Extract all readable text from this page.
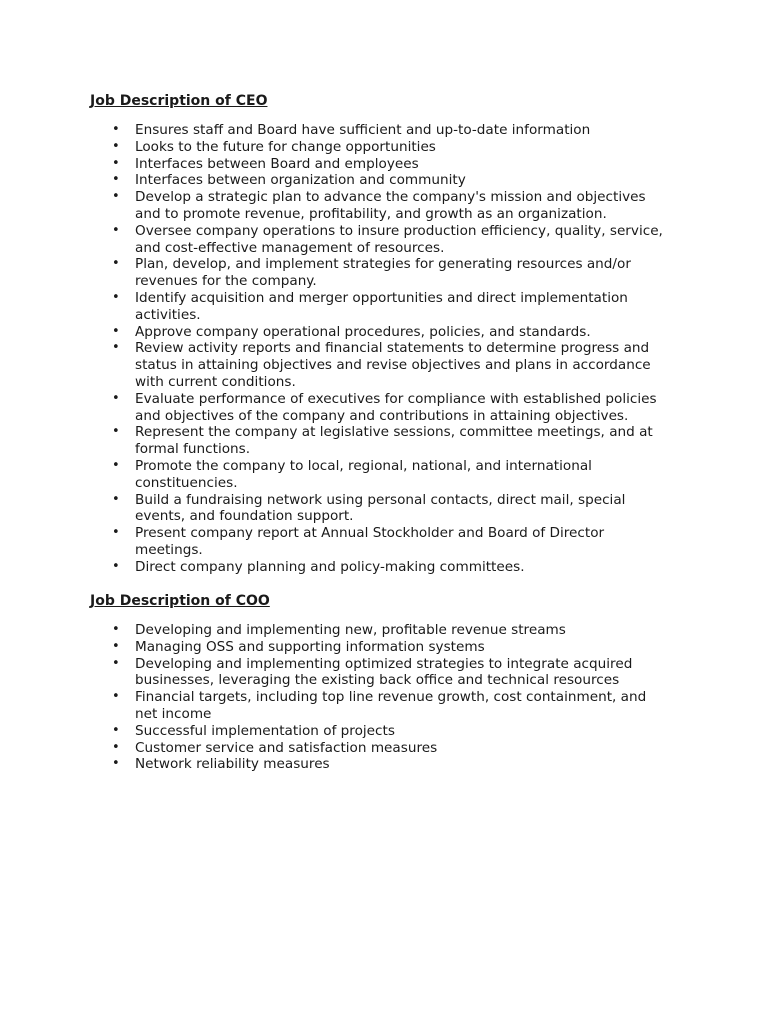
Job Description of CEO
• Ensures staff and Board have sufficient and up-to-date information
• Looks to the future for change opportunities
• Interfaces between Board and employees
• Interfaces between organization and community
• Develop a strategic plan to advance the company's mission and objectives
and to promote revenue, profitability, and growth as an organization.
• Oversee company operations to insure production efficiency, quality, service,
and cost-effective management of resources.
• Plan, develop, and implement strategies for generating resources and/or
revenues for the company.
• Identify acquisition and merger opportunities and direct implementation
activities.
• Approve company operational procedures, policies, and standards.
• Review activity reports and financial statements to determine progress and
status in attaining objectives and revise objectives and plans in accordance
with current conditions.
• Evaluate performance of executives for compliance with established policies
and objectives of the company and contributions in attaining objectives.
• Represent the company at legislative sessions, committee meetings, and at
formal functions.
• Promote the company to local, regional, national, and international
constituencies.
• Build a fundraising network using personal contacts, direct mail, special
events, and foundation support.
• Present company report at Annual Stockholder and Board of Director
meetings.
• Direct company planning and policy-making committees.
Job Description of COO
• Developing and implementing new, profitable revenue streams
• Managing OSS and supporting information systems
• Developing and implementing optimized strategies to integrate acquired
businesses, leveraging the existing back office and technical resources
• Financial targets, including top line revenue growth, cost containment, and
net income
• Successful implementation of projects
• Customer service and satisfaction measures
• Network reliability measures
